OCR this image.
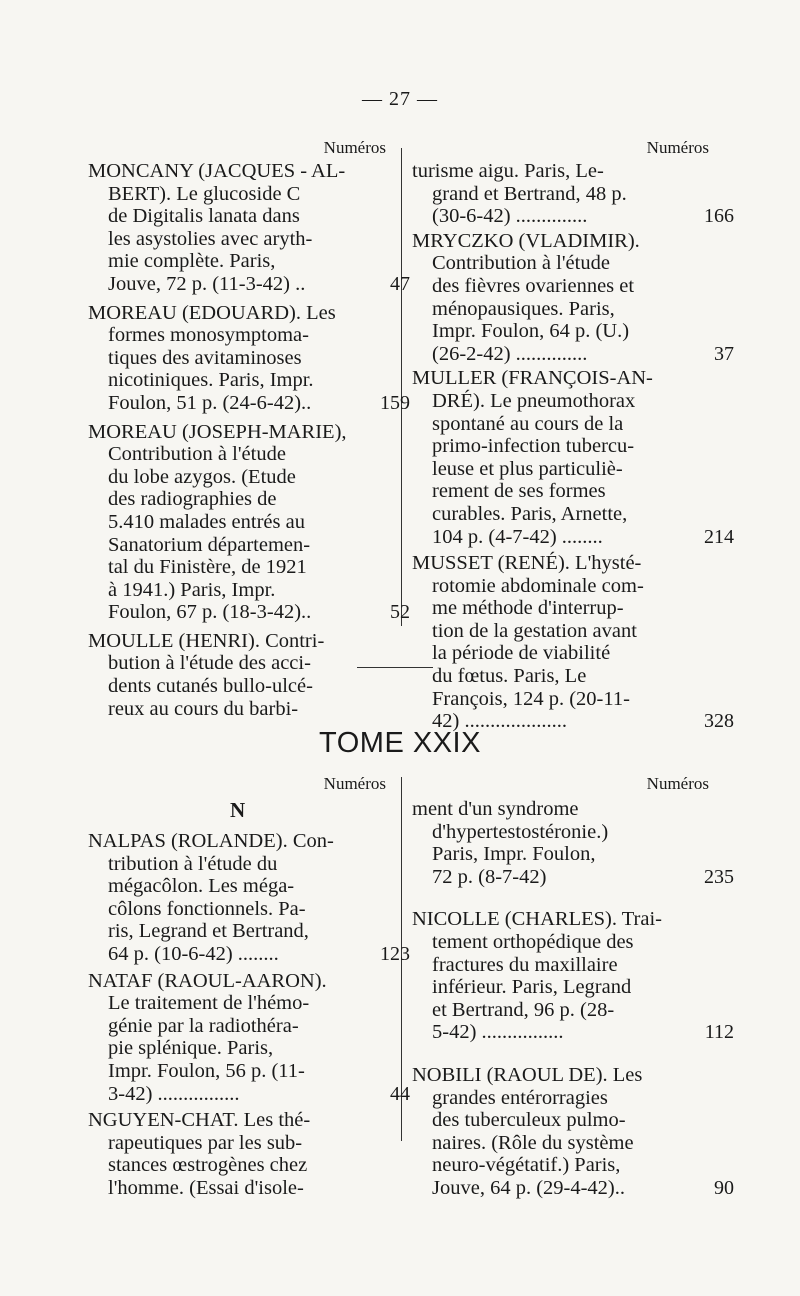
— 27 —
Numéros	Numéros
MONCANY (JACQUES - AL-
BERT). Le glucoside C
de Digitalis lanata dans
les asystolies avec aryth-
mie complète. Paris,
Jouve, 72 p. (11-3-42) ..	47
MOREAU (EDOUARD). Les
formes monosymptoma-
tiques des avitaminoses
nicotiniques. Paris, Impr.
Foulon, 51 p. (24-6-42)..	159
MOREAU (JOSEPH-MARIE),
Contribution à l'étude
du lobe azygos. (Etude
des radiographies de
5.410 malades entrés au
Sanatorium départemen-
tal du Finistère, de 1921
à 1941.) Paris, Impr.
Foulon, 67 p. (18-3-42)..	52
MOULLE (HENRI). Contri-
bution à l'étude des acci-
dents cutanés bullo-ulcé-
reux au cours du barbi-
turisme aigu. Paris, Le-
grand et Bertrand, 48 p.
(30-6-42) ..............	166
MRYCZKO (VLADIMIR).
Contribution à l'étude
des fièvres ovariennes et
ménopausiques. Paris,
Impr. Foulon, 64 p. (U.)
(26-2-42) ..............	37
MULLER (FRANÇOIS-AN-
DRÉ). Le pneumothorax
spontané au cours de la
primo-infection tubercu-
leuse et plus particuliè-
rement de ses formes
curables. Paris, Arnette,
104 p. (4-7-42) ........	214
MUSSET (RENÉ). L'hysté-
rotomie abdominale com-
me méthode d'interrup-
tion de la gestation avant
la période de viabilité
du fœtus. Paris, Le
François, 124 p. (20-11-
42) ....................	328
TOME XXIX
Numéros	Numéros
N
NALPAS (ROLANDE). Con-
tribution à l'étude du
mégacôlon. Les méga-
côlons fonctionnels. Pa-
ris, Legrand et Bertrand,
64 p. (10-6-42) ........	123
NATAF (RAOUL-AARON).
Le traitement de l'hémo-
génie par la radiothéra-
pie splénique. Paris,
Impr. Foulon, 56 p. (11-
3-42) ................	44
NGUYEN-CHAT. Les thé-
rapeutiques par les sub-
stances œstrogènes chez
l'homme. (Essai d'isole-
ment d'un syndrome
d'hypertestostéronie.)
Paris, Impr. Foulon,
72 p. (8-7-42)	235
NICOLLE (CHARLES). Trai-
tement orthopédique des
fractures du maxillaire
inférieur. Paris, Legrand
et Bertrand, 96 p. (28-
5-42) ................	112
NOBILI (RAOUL DE). Les
grandes entérorragies
des tuberculeux pulmo-
naires. (Rôle du système
neuro-végétatif.) Paris,
Jouve, 64 p. (29-4-42)..	90
